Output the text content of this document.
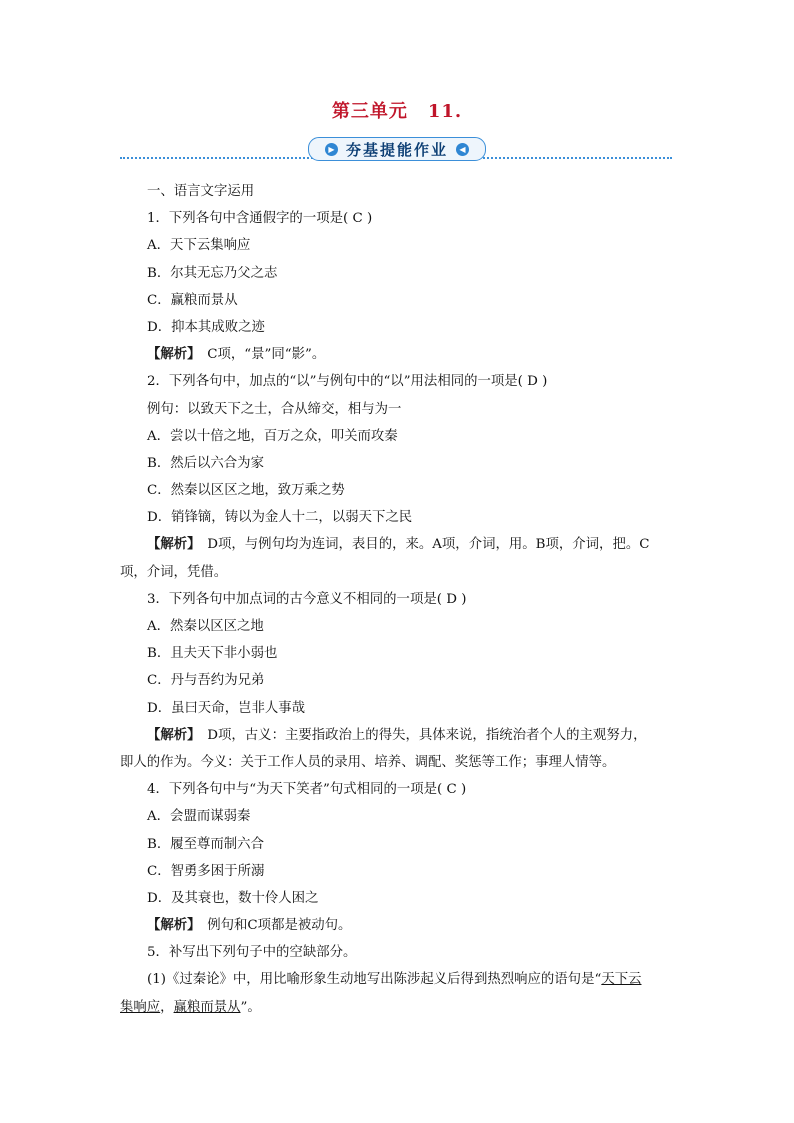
第三单元 11.
▶ 夯基提能作业	◀
一、语言文字运用
1．下列各句中含通假字的一项是( C )
A．天下云集响应
B．尔其无忘乃父之志
C．赢粮而景从
D．抑本其成败之迹
【解析】　C项，“景”同“影”。
2．下列各句中，加点的“以”与例句中的“以”用法相同的一项是( D )
例句：以致天下之士，合从缔交，相与为一
A．尝以十倍之地，百万之众，叩关而攻秦
B．然后以六合为家
C．然秦以区区之地，致万乘之势
D．销锋镝，铸以为金人十二，以弱天下之民
【解析】　D项，与例句均为连词，表目的，来。A项，介词，用。B项，介词，把。C
项，介词，凭借。
3．下列各句中加点词的古今意义不相同的一项是( D )
A．然秦以区区之地
B．且夫天下非小弱也
C．丹与吾约为兄弟
D．虽曰天命，岂非人事哉
【解析】　D项，古义：主要指政治上的得失，具体来说，指统治者个人的主观努力，
即人的作为。今义：关于工作人员的录用、培养、调配、奖惩等工作；事理人情等。
4．下列各句中与“为天下笑者”句式相同的一项是( C )
A．会盟而谋弱秦
B．履至尊而制六合
C．智勇多困于所溺
D．及其衰也，数十伶人困之
【解析】　例句和C项都是被动句。
5．补写出下列句子中的空缺部分。
(1)《过秦论》中，用比喻形象生动地写出陈涉起义后得到热烈响应的语句是“天下云
集响应，赢粮而景从”。
